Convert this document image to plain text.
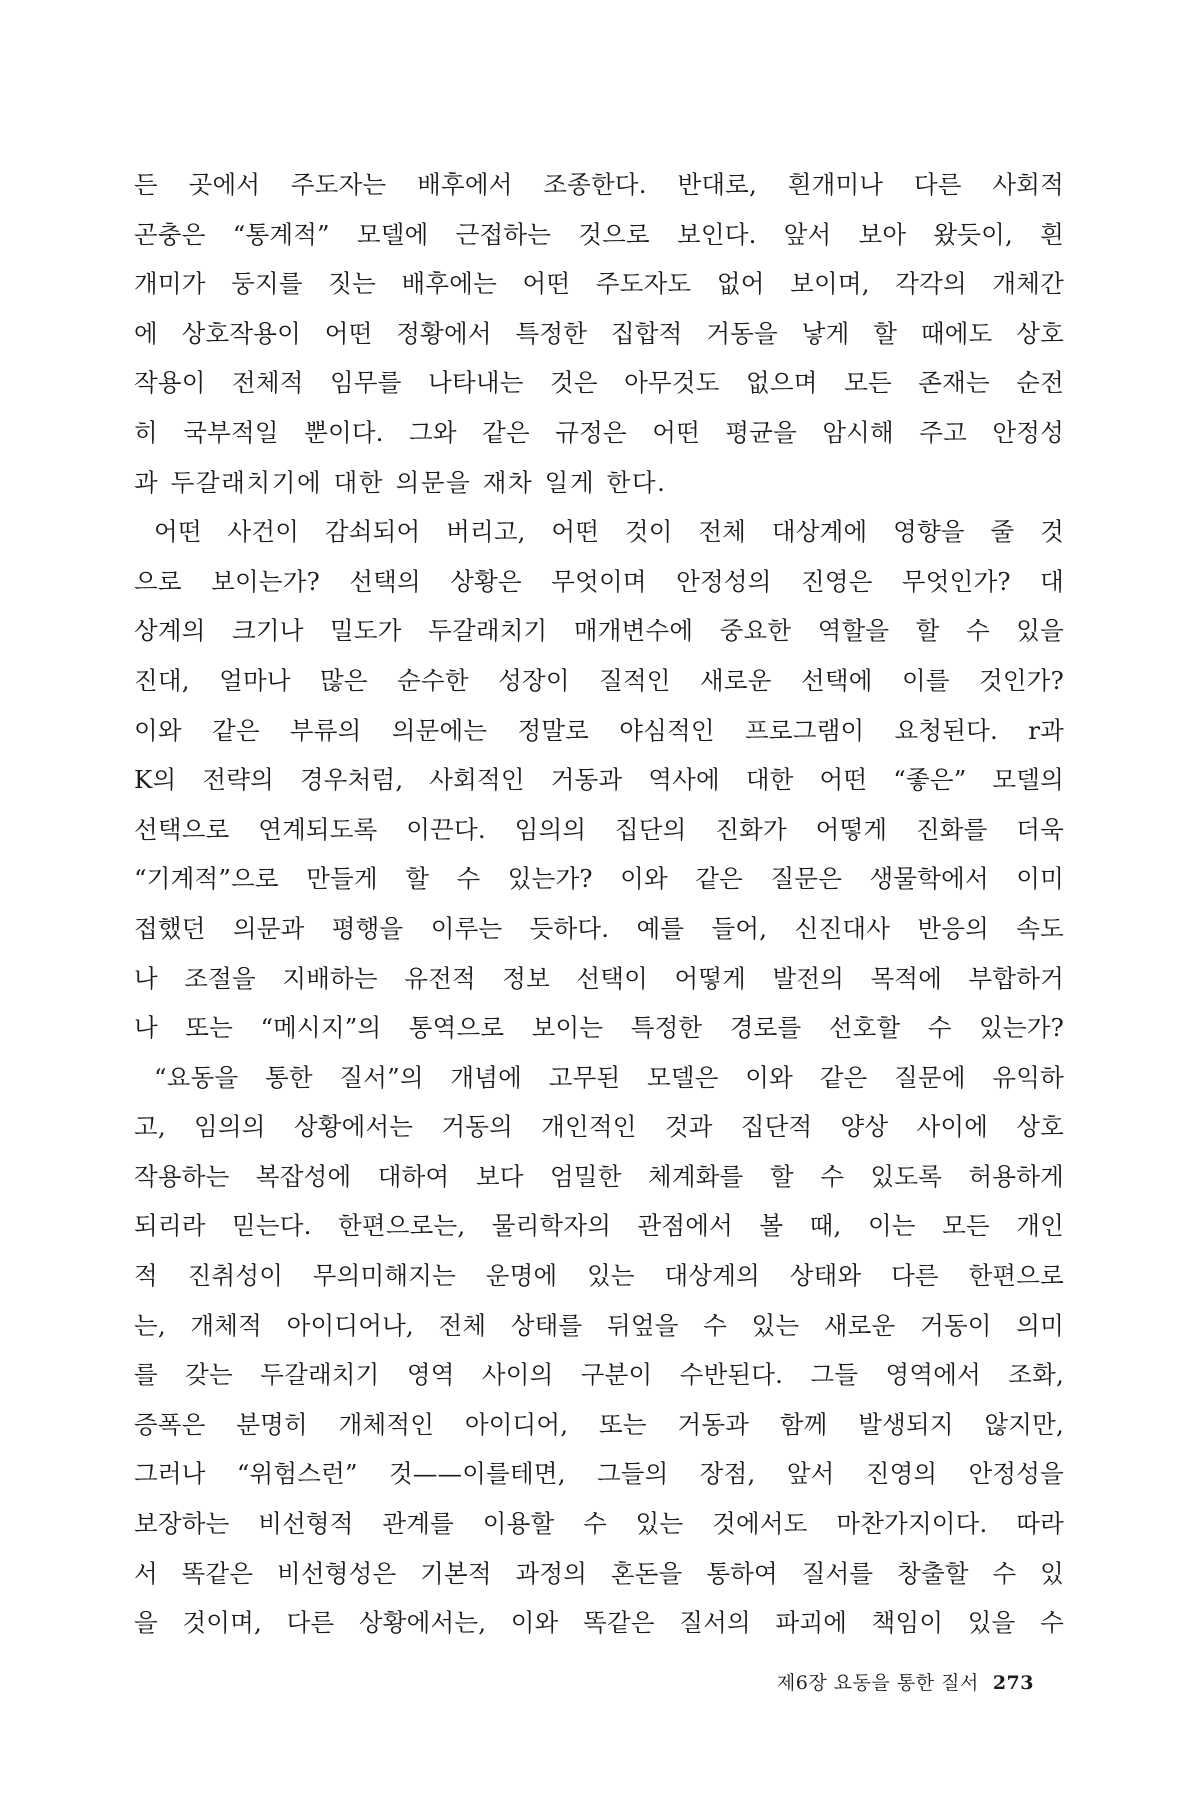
든 곳에서 주도자는 배후에서 조종한다. 반대로, 흰개미나 다른 사회적
곤충은 “통계적” 모델에 근접하는 것으로 보인다. 앞서 보아 왔듯이, 흰
개미가 둥지를 짓는 배후에는 어떤 주도자도 없어 보이며, 각각의 개체간
에 상호작용이 어떤 정황에서 특정한 집합적 거동을 낳게 할 때에도 상호
작용이 전체적 임무를 나타내는 것은 아무것도 없으며 모든 존재는 순전
히 국부적일 뿐이다. 그와 같은 규정은 어떤 평균을 암시해 주고 안정성
과 두갈래치기에 대한 의문을 재차 일게 한다.
어떤 사건이 감쇠되어 버리고, 어떤 것이 전체 대상계에 영향을 줄 것
으로 보이는가? 선택의 상황은 무엇이며 안정성의 진영은 무엇인가? 대
상계의 크기나 밀도가 두갈래치기 매개변수에 중요한 역할을 할 수 있을
진대, 얼마나 많은 순수한 성장이 질적인 새로운 선택에 이를 것인가?
이와 같은 부류의 의문에는 정말로 야심적인 프로그램이 요청된다. r과
K의 전략의 경우처럼, 사회적인 거동과 역사에 대한 어떤 “좋은” 모델의
선택으로 연계되도록 이끈다. 임의의 집단의 진화가 어떻게 진화를 더욱
“기계적”으로 만들게 할 수 있는가? 이와 같은 질문은 생물학에서 이미
접했던 의문과 평행을 이루는 듯하다. 예를 들어, 신진대사 반응의 속도
나 조절을 지배하는 유전적 정보 선택이 어떻게 발전의 목적에 부합하거
나 또는 “메시지”의 통역으로 보이는 특정한 경로를 선호할 수 있는가?
“요동을 통한 질서”의 개념에 고무된 모델은 이와 같은 질문에 유익하
고, 임의의 상황에서는 거동의 개인적인 것과 집단적 양상 사이에 상호
작용하는 복잡성에 대하여 보다 엄밀한 체계화를 할 수 있도록 허용하게
되리라 믿는다. 한편으로는, 물리학자의 관점에서 볼 때, 이는 모든 개인
적 진취성이 무의미해지는 운명에 있는 대상계의 상태와 다른 한편으로
는, 개체적 아이디어나, 전체 상태를 뒤엎을 수 있는 새로운 거동이 의미
를 갖는 두갈래치기 영역 사이의 구분이 수반된다. 그들 영역에서 조화,
증폭은 분명히 개체적인 아이디어, 또는 거동과 함께 발생되지 않지만,
그러나 “위험스런” 것——이를테면, 그들의 장점, 앞서 진영의 안정성을
보장하는 비선형적 관계를 이용할 수 있는 것에서도 마찬가지이다. 따라
서 똑같은 비선형성은 기본적 과정의 혼돈을 통하여 질서를 창출할 수 있
을 것이며, 다른 상황에서는, 이와 똑같은 질서의 파괴에 책임이 있을 수
제6장 요동을 통한 질서 273
